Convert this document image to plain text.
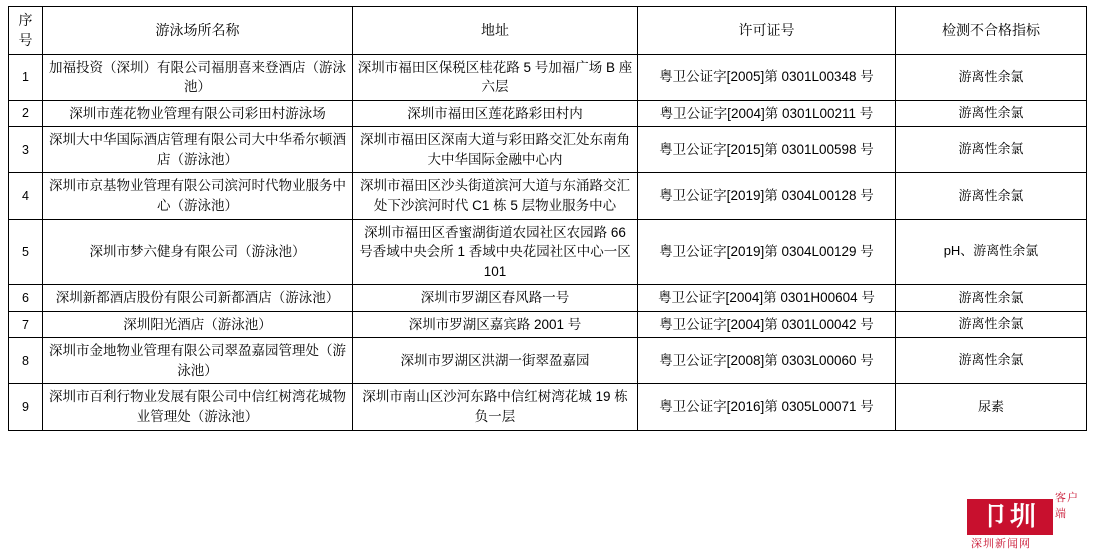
序号	游泳场所名称	地址	许可证号	检测不合格指标
1	加福投资（深圳）有限公司福朋喜来登酒店（游泳池）	深圳市福田区保税区桂花路 5 号加福广场 B 座六层	粤卫公证字[2005]第 0301L00348 号	游离性余氯
2	深圳市莲花物业管理有限公司彩田村游泳场	深圳市福田区莲花路彩田村内	粤卫公证字[2004]第 0301L00211 号	游离性余氯
3	深圳大中华国际酒店管理有限公司大中华希尔顿酒店（游泳池）	深圳市福田区深南大道与彩田路交汇处东南角大中华国际金融中心内	粤卫公证字[2015]第 0301L00598 号	游离性余氯
4	深圳市京基物业管理有限公司滨河时代物业服务中心（游泳池）	深圳市福田区沙头街道滨河大道与东涌路交汇处下沙滨河时代 C1 栋 5 层物业服务中心	粤卫公证字[2019]第 0304L00128 号	游离性余氯
5	深圳市梦六健身有限公司（游泳池）	深圳市福田区香蜜湖街道农园社区农园路 66 号香域中央会所 1 香域中央花园社区中心一区 101	粤卫公证字[2019]第 0304L00129 号	pH、游离性余氯
6	深圳新都酒店股份有限公司新都酒店（游泳池）	深圳市罗湖区春风路一号	粤卫公证字[2004]第 0301H00604 号	游离性余氯
7	深圳阳光酒店（游泳池）	深圳市罗湖区嘉宾路 2001 号	粤卫公证字[2004]第 0301L00042 号	游离性余氯
8	深圳市金地物业管理有限公司翠盈嘉园管理处（游泳池）	深圳市罗湖区洪湖一街翠盈嘉园	粤卫公证字[2008]第 0303L00060 号	游离性余氯
9	深圳市百利行物业发展有限公司中信红树湾花城物业管理处（游泳池）	深圳市南山区沙河东路中信红树湾花城 19 栋负一层	粤卫公证字[2016]第 0305L00071 号	尿素
卩圳
客户端
深圳新闻网
